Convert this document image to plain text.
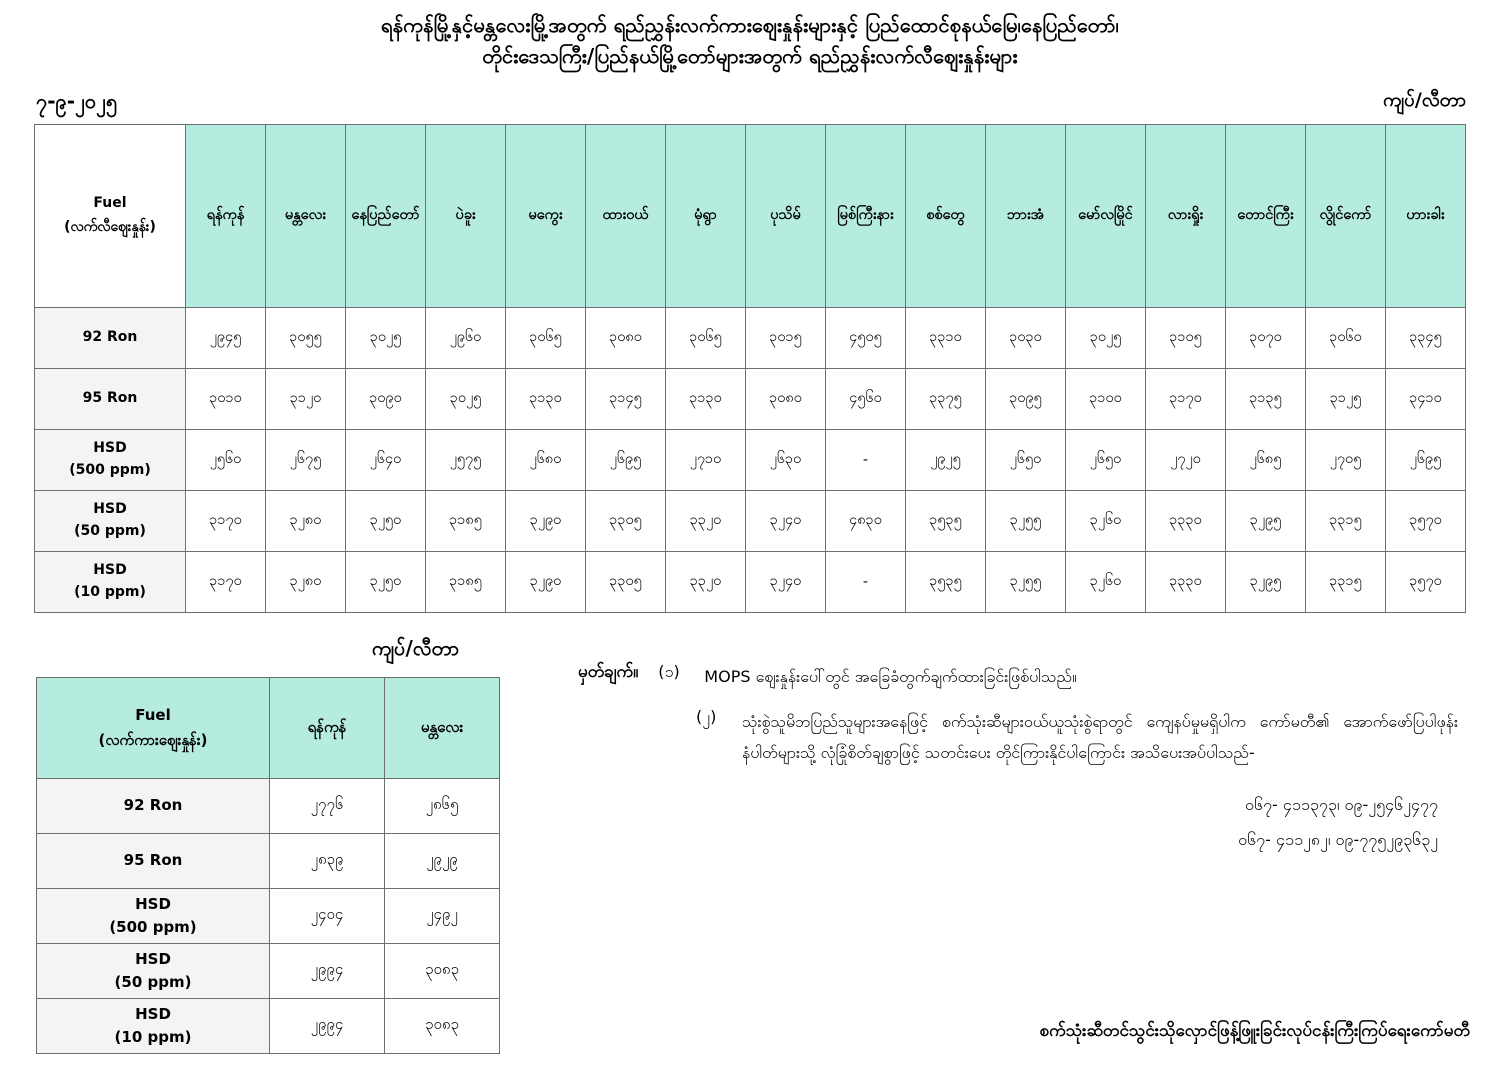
ရန်ကုန်မြို့နှင့်မန္တလေးမြို့အတွက် ရည်ညွှန်းလက်ကားဈေးနှုန်းများနှင့် ပြည်ထောင်စုနယ်မြေ၊နေပြည်တော်၊
တိုင်းဒေသကြီး/ပြည်နယ်မြို့တော်များအတွက် ရည်ညွှန်းလက်လီဈေးနှုန်းများ
၇-၉-၂၀၂၅	ကျပ်/လီတာ
Fuel
(လက်လီဈေးနှုန်း)	ရန်ကုန်	မန္တလေး	နေပြည်တော်	ပဲခူး	မကွေး	ထားဝယ်	မုံရွာ	ပုသိမ်	မြစ်ကြီးနား	စစ်တွေ	ဘားအံ	မော်လမြိုင်	လားရှိုး	တောင်ကြီး	လွိုင်ကော်	ဟားခါး

92 Ron	၂၉၄၅	၃၀၅၅	၃၀၂၅	၂၉၆၀	၃၀၆၅	၃၀၈၀	၃၀၆၅	၃၀၁၅	၄၅၀၅	၃၃၁၀	၃၀၃၀	၃၀၂၅	၃၁၀၅	၃၀၇၀	၃၀၆၀	၃၃၄၅

95 Ron	၃၀၁၀	၃၁၂၀	၃၀၉၀	၃၀၂၅	၃၁၃၀	၃၁၄၅	၃၁၃၀	၃၀၈၀	၄၅၆၀	၃၃၇၅	၃၀၉၅	၃၁၀၀	၃၁၇၀	၃၁၃၅	၃၁၂၅	၃၄၁၀

HSD
(500 ppm)	၂၅၆၀	၂၆၇၅	၂၆၄၀	၂၅၇၅	၂၆၈၀	၂၆၉၅	၂၇၁၀	၂၆၃၀	-	၂၉၂၅	၂၆၅၀	၂၆၅၀	၂၇၂၀	၂၆၈၅	၂၇၀၅	၂၆၉၅

HSD
(50 ppm)	၃၁၇၀	၃၂၈၀	၃၂၅၀	၃၁၈၅	၃၂၉၀	၃၃၀၅	၃၃၂၀	၃၂၄၀	၄၈၃၀	၃၅၃၅	၃၂၅၅	၃၂၆၀	၃၃၃၀	၃၂၉၅	၃၃၁၅	၃၅၇၀

HSD
(10 ppm)	၃၁၇၀	၃၂၈၀	၃၂၅၀	၃၁၈၅	၃၂၉၀	၃၃၀၅	၃၃၂၀	၃၂၄၀	-	၃၅၃၅	၃၂၅၅	၃၂၆၀	၃၃၃၀	၃၂၉၅	၃၃၁၅	၃၅၇၀
ကျပ်/လီတာ
Fuel
(လက်ကားဈေးနှုန်း)	ရန်ကုန်	မန္တလေး

92 Ron	၂၇၇၆	၂၈၆၅

95 Ron	၂၈၃၉	၂၉၂၉

HSD
(500 ppm)	၂၄၀၄	၂၄၉၂

HSD
(50 ppm)	၂၉၉၄	၃၀၈၃

HSD
(10 ppm)	၂၉၉၄	၃၀၈၃
မှတ်ချက်။	(၁)	MOPS ဈေးနှုန်းပေါ်တွင် အခြေခံတွက်ချက်ထားခြင်းဖြစ်ပါသည်။
(၂)	သုံးစွဲသူမိဘပြည်သူများအနေဖြင့် စက်သုံးဆီများဝယ်ယူသုံးစွဲရာတွင် ကျေနပ်မှုမရှိပါက ကော်မတီ၏ အောက်ဖော်ပြပါဖုန်းနံပါတ်များသို့ လုံခြုံစိတ်ချစွာဖြင့် သတင်းပေး တိုင်ကြားနိုင်ပါကြောင်း အသိပေးအပ်ပါသည်-
၀၆၇- ၄၁၁၃၇၃၊ ၀၉-၂၅၄၆၂၄၇၇
၀၆၇- ၄၁၁၂၈၂၊ ၀၉-၇၇၅၂၉၃၆၃၂
စက်သုံးဆီတင်သွင်းသိုလှောင်ဖြန့်ဖြူးခြင်းလုပ်ငန်းကြီးကြပ်ရေးကော်မတီ
